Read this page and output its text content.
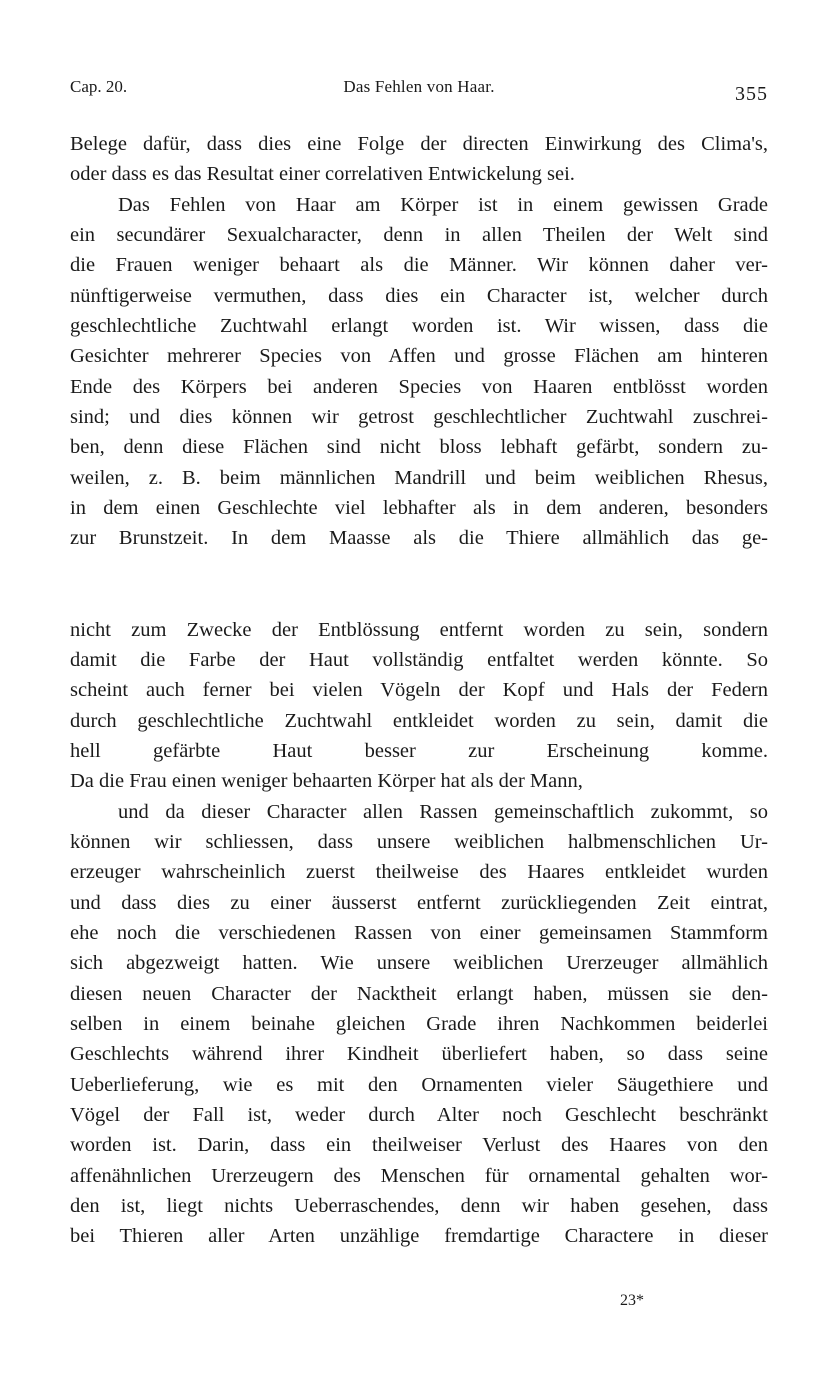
Cap. 20.	Das Fehlen von Haar.	355
Belege dafür, dass dies eine Folge der directen Einwirkung des Clima's,
oder dass es das Resultat einer correlativen Entwickelung sei.
Das Fehlen von Haar am Körper ist in einem gewissen Grade
ein secundärer Sexualcharacter, denn in allen Theilen der Welt sind
die Frauen weniger behaart als die Männer. Wir können daher ver-
nünftigerweise vermuthen, dass dies ein Character ist, welcher durch
geschlechtliche Zuchtwahl erlangt worden ist. Wir wissen, dass die
Gesichter mehrerer Species von Affen und grosse Flächen am hinteren
Ende des Körpers bei anderen Species von Haaren entblösst worden
sind; und dies können wir getrost geschlechtlicher Zuchtwahl zuschrei-
ben, denn diese Flächen sind nicht bloss lebhaft gefärbt, sondern zu-
weilen, z. B. beim männlichen Mandrill und beim weiblichen Rhesus,
in dem einen Geschlechte viel lebhafter als in dem anderen, besonders
zur Brunstzeit. In dem Maasse als die Thiere allmählich das ge-
nicht zum Zwecke der Entblössung entfernt worden zu sein, sondern
damit die Farbe der Haut vollständig entfaltet werden könnte. So
scheint auch ferner bei vielen Vögeln der Kopf und Hals der Federn
durch geschlechtliche Zuchtwahl entkleidet worden zu sein, damit die
hell gefärbte Haut besser zur Erscheinung komme.
Da die Frau einen weniger behaarten Körper hat als der Mann,
und da dieser Character allen Rassen gemeinschaftlich zukommt, so
können wir schliessen, dass unsere weiblichen halbmenschlichen Ur-
erzeuger wahrscheinlich zuerst theilweise des Haares entkleidet wurden
und dass dies zu einer äusserst entfernt zurückliegenden Zeit eintrat,
ehe noch die verschiedenen Rassen von einer gemeinsamen Stammform
sich abgezweigt hatten. Wie unsere weiblichen Urerzeuger allmählich
diesen neuen Character der Nacktheit erlangt haben, müssen sie den-
selben in einem beinahe gleichen Grade ihren Nachkommen beiderlei
Geschlechts während ihrer Kindheit überliefert haben, so dass seine
Ueberlieferung, wie es mit den Ornamenten vieler Säugethiere und
Vögel der Fall ist, weder durch Alter noch Geschlecht beschränkt
worden ist. Darin, dass ein theilweiser Verlust des Haares von den
affenähnlichen Urerzeugern des Menschen für ornamental gehalten wor-
den ist, liegt nichts Ueberraschendes, denn wir haben gesehen, dass
bei Thieren aller Arten unzählige fremdartige Charactere in dieser
23*
